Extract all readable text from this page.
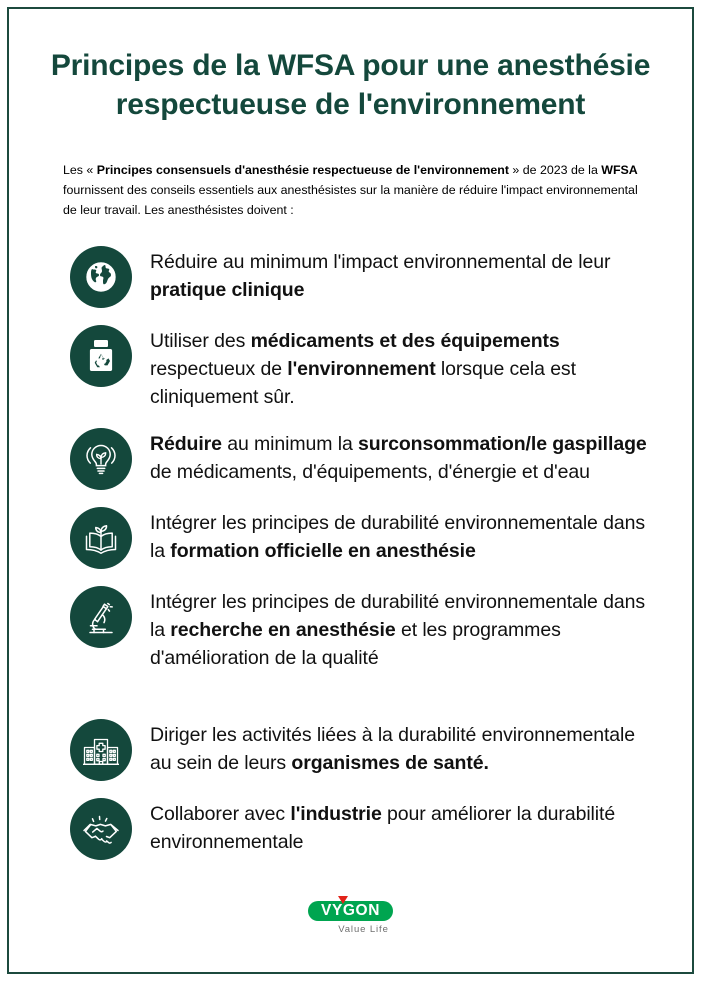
Principes de la WFSA pour une anesthésie respectueuse de l'environnement

Les « Principes consensuels d'anesthésie respectueuse de l'environnement » de 2023 de la WFSA fournissent des conseils essentiels aux anesthésistes sur la manière de réduire l'impact environnemental de leur travail. Les anesthésistes doivent :

Réduire au minimum l'impact environnemental de leur pratique clinique
Utiliser des médicaments et des équipements respectueux de l'environnement lorsque cela est cliniquement sûr.
Réduire au minimum la surconsommation/le gaspillage de médicaments, d'équipements, d'énergie et d'eau
Intégrer les principes de durabilité environnementale dans la formation officielle en anesthésie
Intégrer les principes de durabilité environnementale dans la recherche en anesthésie et les programmes d'amélioration de la qualité
Diriger les activités liées à la durabilité environnementale au sein de leurs organismes de santé.
Collaborer avec l'industrie pour améliorer la durabilité environnementale
VYGON
Value Life
